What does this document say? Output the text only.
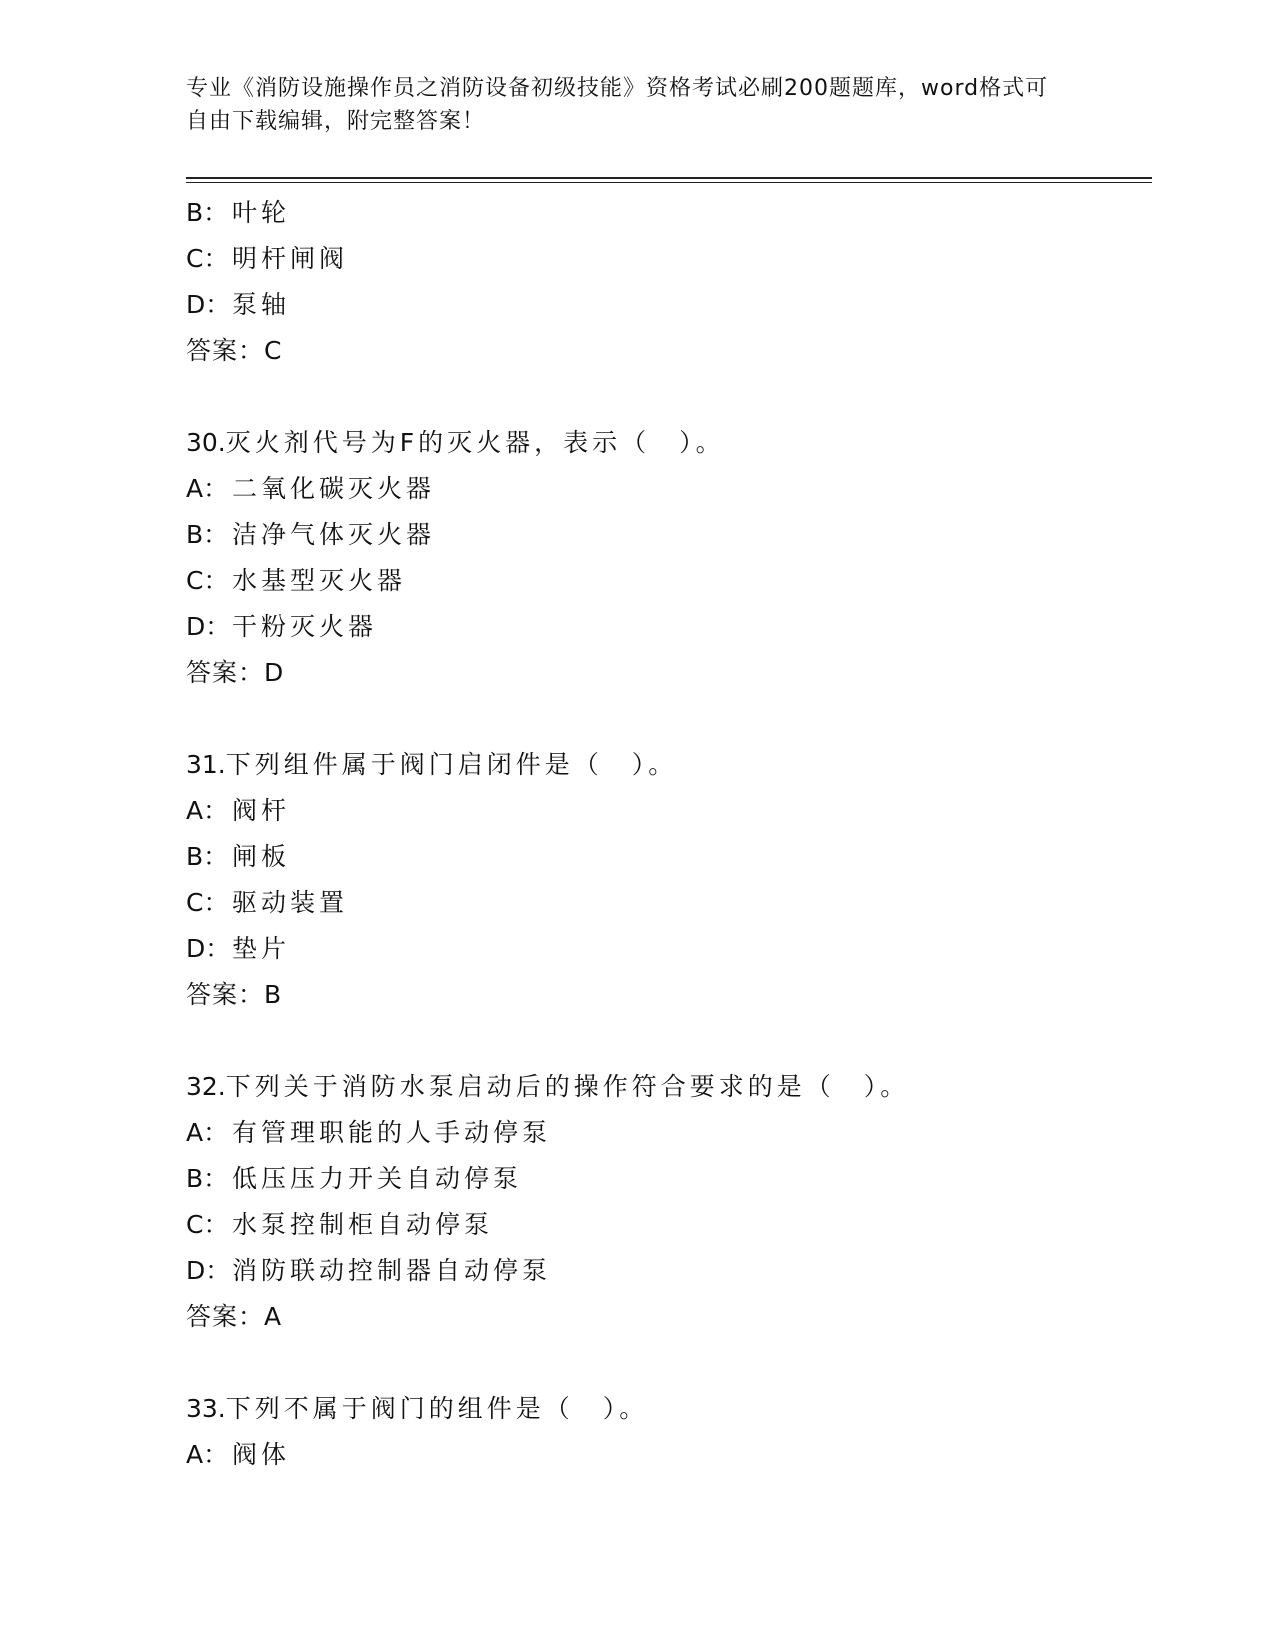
专业《消防设施操作员之消防设备初级技能》资格考试必刷200题题库，word格式可自由下载编辑，附完整答案！
B： 叶轮
C： 明杆闸阀
D：泵轴
答案：C
30.灭火剂代号为F的灭火器，表示（　）。
A： 二氧化碳灭火器
B： 洁净气体灭火器
C： 水基型灭火器
D：干粉灭火器
答案：D
31.下列组件属于阀门启闭件是（　）。
A： 阀杆
B： 闸板
C： 驱动装置
D：垫片
答案：B
32.下列关于消防水泵启动后的操作符合要求的是（　）。
A： 有管理职能的人手动停泵
B： 低压压力开关自动停泵
C： 水泵控制柜自动停泵
D：消防联动控制器自动停泵
答案：A
33.下列不属于阀门的组件是（　）。
A： 阀体
